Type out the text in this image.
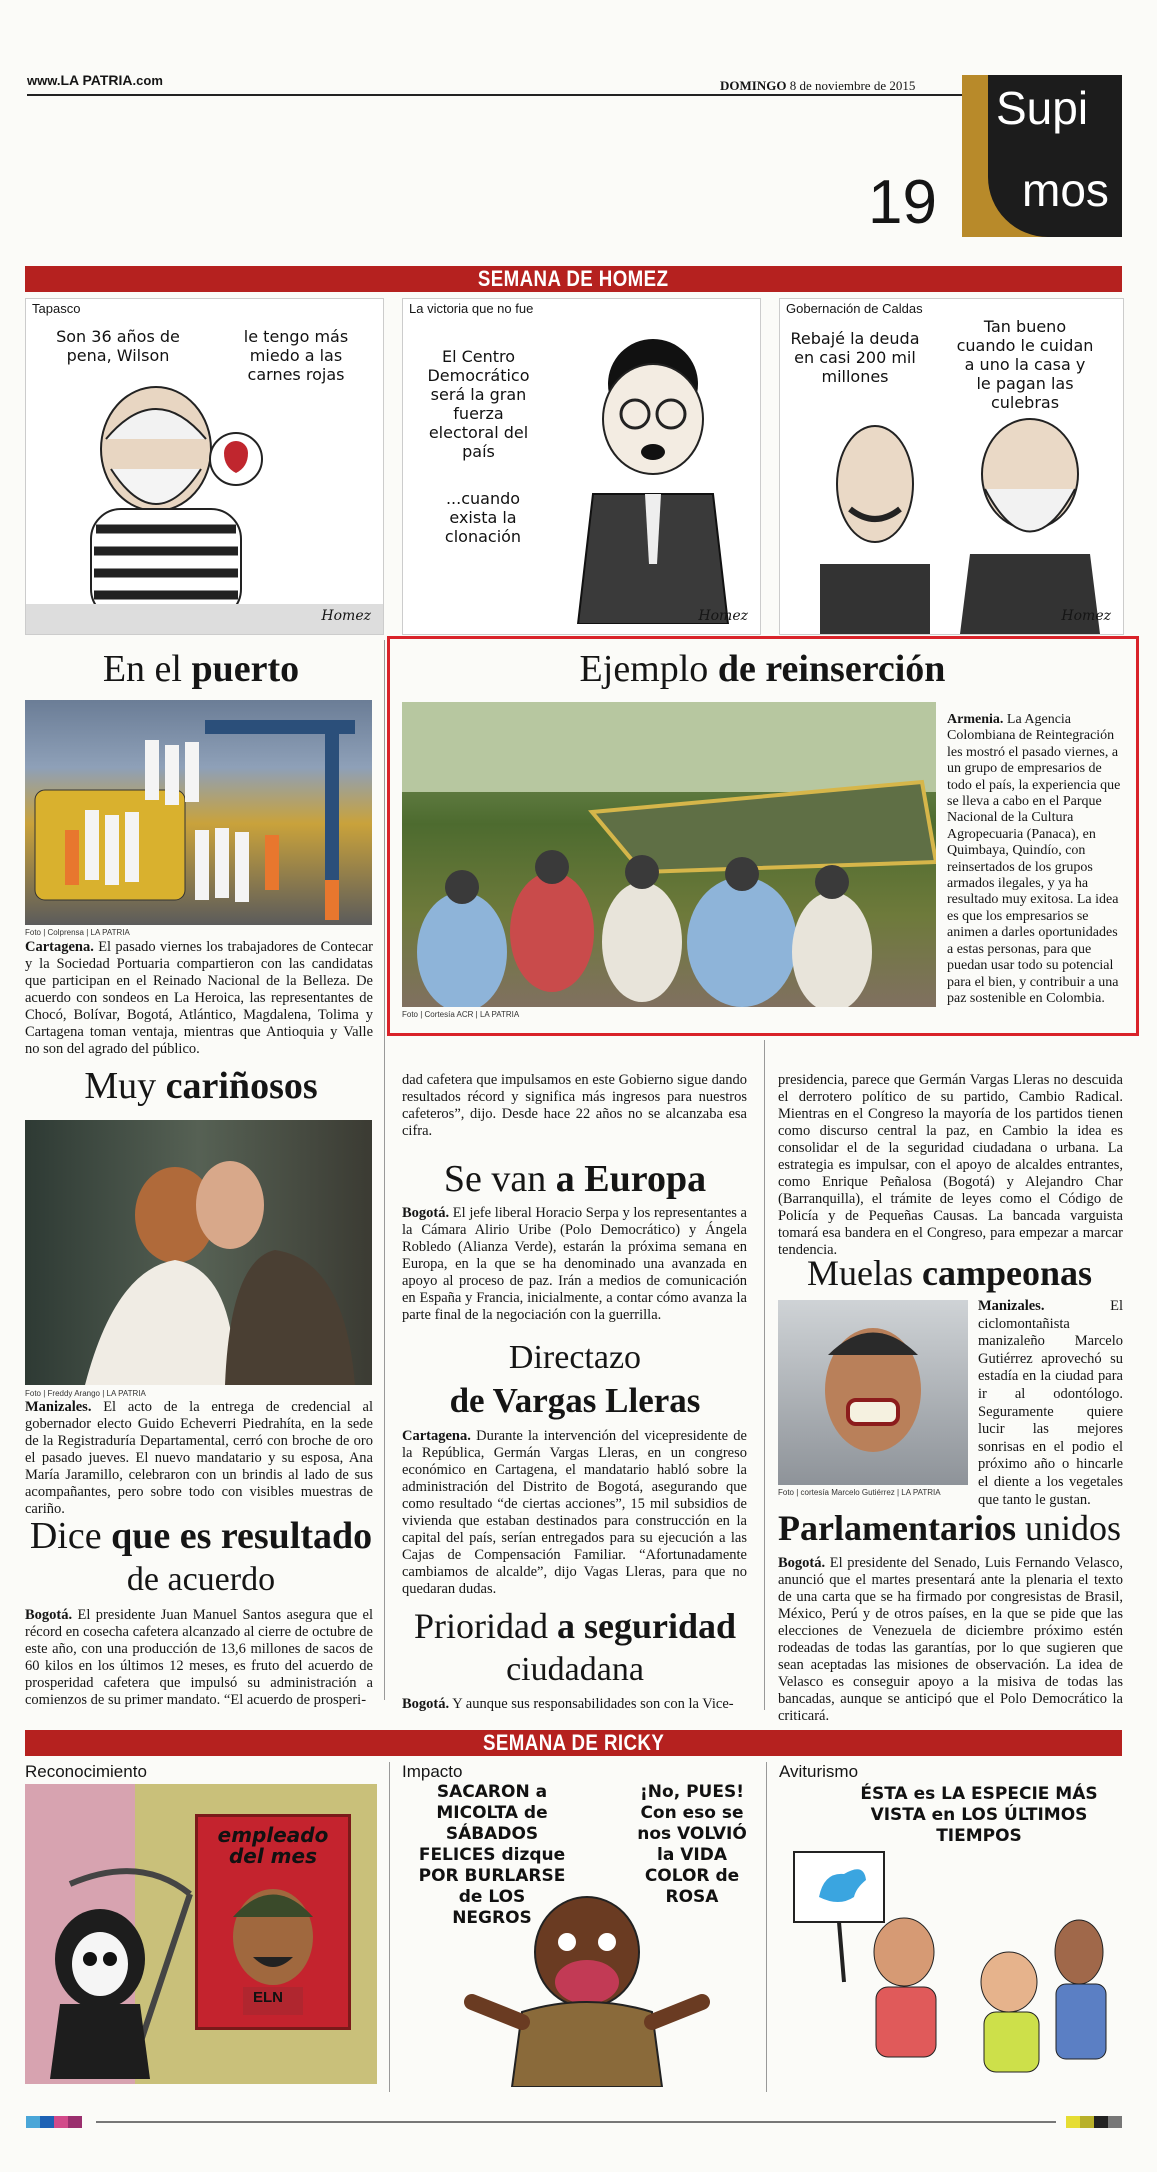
www.LA PATRIA.com	DOMINGO 8 de noviembre de 2015
19
Supi
mos
SEMANA DE HOMEZ
Tapasco
Son 36 años de pena, Wilson
le tengo más miedo a las carnes rojas
Homez
La victoria que no fue
El Centro Democrático será la gran fuerza electoral del país
...cuando exista la clonación
Homez
Gobernación de Caldas
Rebajé la deuda en casi 200 mil millones
Tan bueno cuando le cuidan a uno la casa y le pagan las culebras
Homez
En el puerto
Foto | Colprensa | LA PATRIA
Cartagena. El pasado viernes los trabajadores de Contecar y la Sociedad Portuaria compartieron con las candidatas que participan en el Reinado Nacional de la Belleza. De acuerdo con sondeos en La Heroica, las representantes de Chocó, Bolívar, Bogotá, Atlántico, Magdalena, Tolima y Cartagena toman ventaja, mientras que Antioquia y Valle no son del agrado del público.
Ejemplo de reinserción
Foto | Cortesía ACR | LA PATRIA
Armenia. La Agencia Colombiana de Reintegración les mostró el pasado viernes, a un grupo de empresarios de todo el país, la experiencia que se lleva a cabo en el Parque Nacional de la Cultura Agropecuaria (Panaca), en Quimbaya, Quindío, con reinsertados de los grupos armados ilegales, y ya ha resultado muy exitosa. La idea es que los empresarios se animen a darles oportunidades a estas personas, para que puedan usar todo su potencial para el bien, y contribuir a una paz sostenible en Colombia.
Muy cariñosos
Foto | Freddy Arango | LA PATRIA
Manizales. El acto de la entrega de credencial al gobernador electo Guido Echeverri Piedrahíta, en la sede de la Registraduría Departamental, cerró con broche de oro el pasado jueves. El nuevo mandatario y su esposa, Ana María Jaramillo, celebraron con un brindis al lado de sus acompañantes, pero sobre todo con visibles muestras de cariño.
Dice que es resultado
de acuerdo
Bogotá. El presidente Juan Manuel Santos asegura que el récord en cosecha cafetera alcanzado al cierre de octubre de este año, con una producción de 13,6 millones de sacos de 60 kilos en los últimos 12 meses, es fruto del acuerdo de prosperidad cafetera que impulsó su administración a comienzos de su primer mandato. “El acuerdo de prosperi-
dad cafetera que impulsamos en este Gobierno sigue dando resultados récord y significa más ingresos para nuestros cafeteros”, dijo. Desde hace 22 años no se alcanzaba esa cifra.
Se van a Europa
Bogotá. El jefe liberal Horacio Serpa y los representantes a la Cámara Alirio Uribe (Polo Democrático) y Ángela Robledo (Alianza Verde), estarán la próxima semana en Europa, en la que se ha denominado una avanzada en apoyo al proceso de paz. Irán a medios de comunicación en España y Francia, inicialmente, a contar cómo avanza la parte final de la negociación con la guerrilla.
Directazo
de Vargas Lleras
Cartagena. Durante la intervención del vicepresidente de la República, Germán Vargas Lleras, en un congreso económico en Cartagena, el mandatario habló sobre la administración del Distrito de Bogotá, asegurando que como resultado “de ciertas acciones”, 15 mil subsidios de vivienda que estaban destinados para construcción en la capital del país, serían entregados para su ejecución a las Cajas de Compensación Familiar. “Afortunadamente cambiamos de alcalde”, dijo Vagas Lleras, para que no quedaran dudas.
Prioridad a seguridad
ciudadana
Bogotá. Y aunque sus responsabilidades son con la Vice-
presidencia, parece que Germán Vargas Lleras no descuida el derrotero político de su partido, Cambio Radical. Mientras en el Congreso la mayoría de los partidos tienen como discurso central la paz, en Cambio la idea es consolidar el de la seguridad ciudadana o urbana. La estrategia es impulsar, con el apoyo de alcaldes entrantes, como Enrique Peñalosa (Bogotá) y Alejandro Char (Barranquilla), el trámite de leyes como el Código de Policía y de Pequeñas Causas. La bancada varguista tomará esa bandera en el Congreso, para empezar a marcar tendencia.
Muelas campeonas
Foto | cortesía Marcelo Gutiérrez | LA PATRIA
Manizales. El ciclomontañista manizaleño Marcelo Gutiérrez aprovechó su estadía en la ciudad para ir al odontólogo. Seguramente quiere lucir las mejores sonrisas en el podio el próximo año o hincarle el diente a los vegetales que tanto le gustan.
Parlamentarios unidos
Bogotá. El presidente del Senado, Luis Fernando Velasco, anunció que el martes presentará ante la plenaria el texto de una carta que se ha firmado por congresistas de Brasil, México, Perú y de otros países, en la que se pide que las elecciones de Venezuela de diciembre próximo estén rodeadas de todas las garantías, por lo que sugieren que sean aceptadas las misiones de observación. La idea de Velasco es conseguir apoyo a la misiva de todas las bancadas, aunque se anticipó que el Polo Democrático la criticará.
SEMANA DE RICKY
Reconocimiento
empleado
del mes
ELN
Impacto
SACARON a MICOLTA de SÁBADOS FELICES dizque POR BURLARSE de LOS NEGROS
¡No, PUES! Con eso se nos VOLVIÓ la VIDA COLOR de ROSA
Aviturismo
ÉSTA es LA ESPECIE MÁS VISTA en LOS ÚLTIMOS TIEMPOS
